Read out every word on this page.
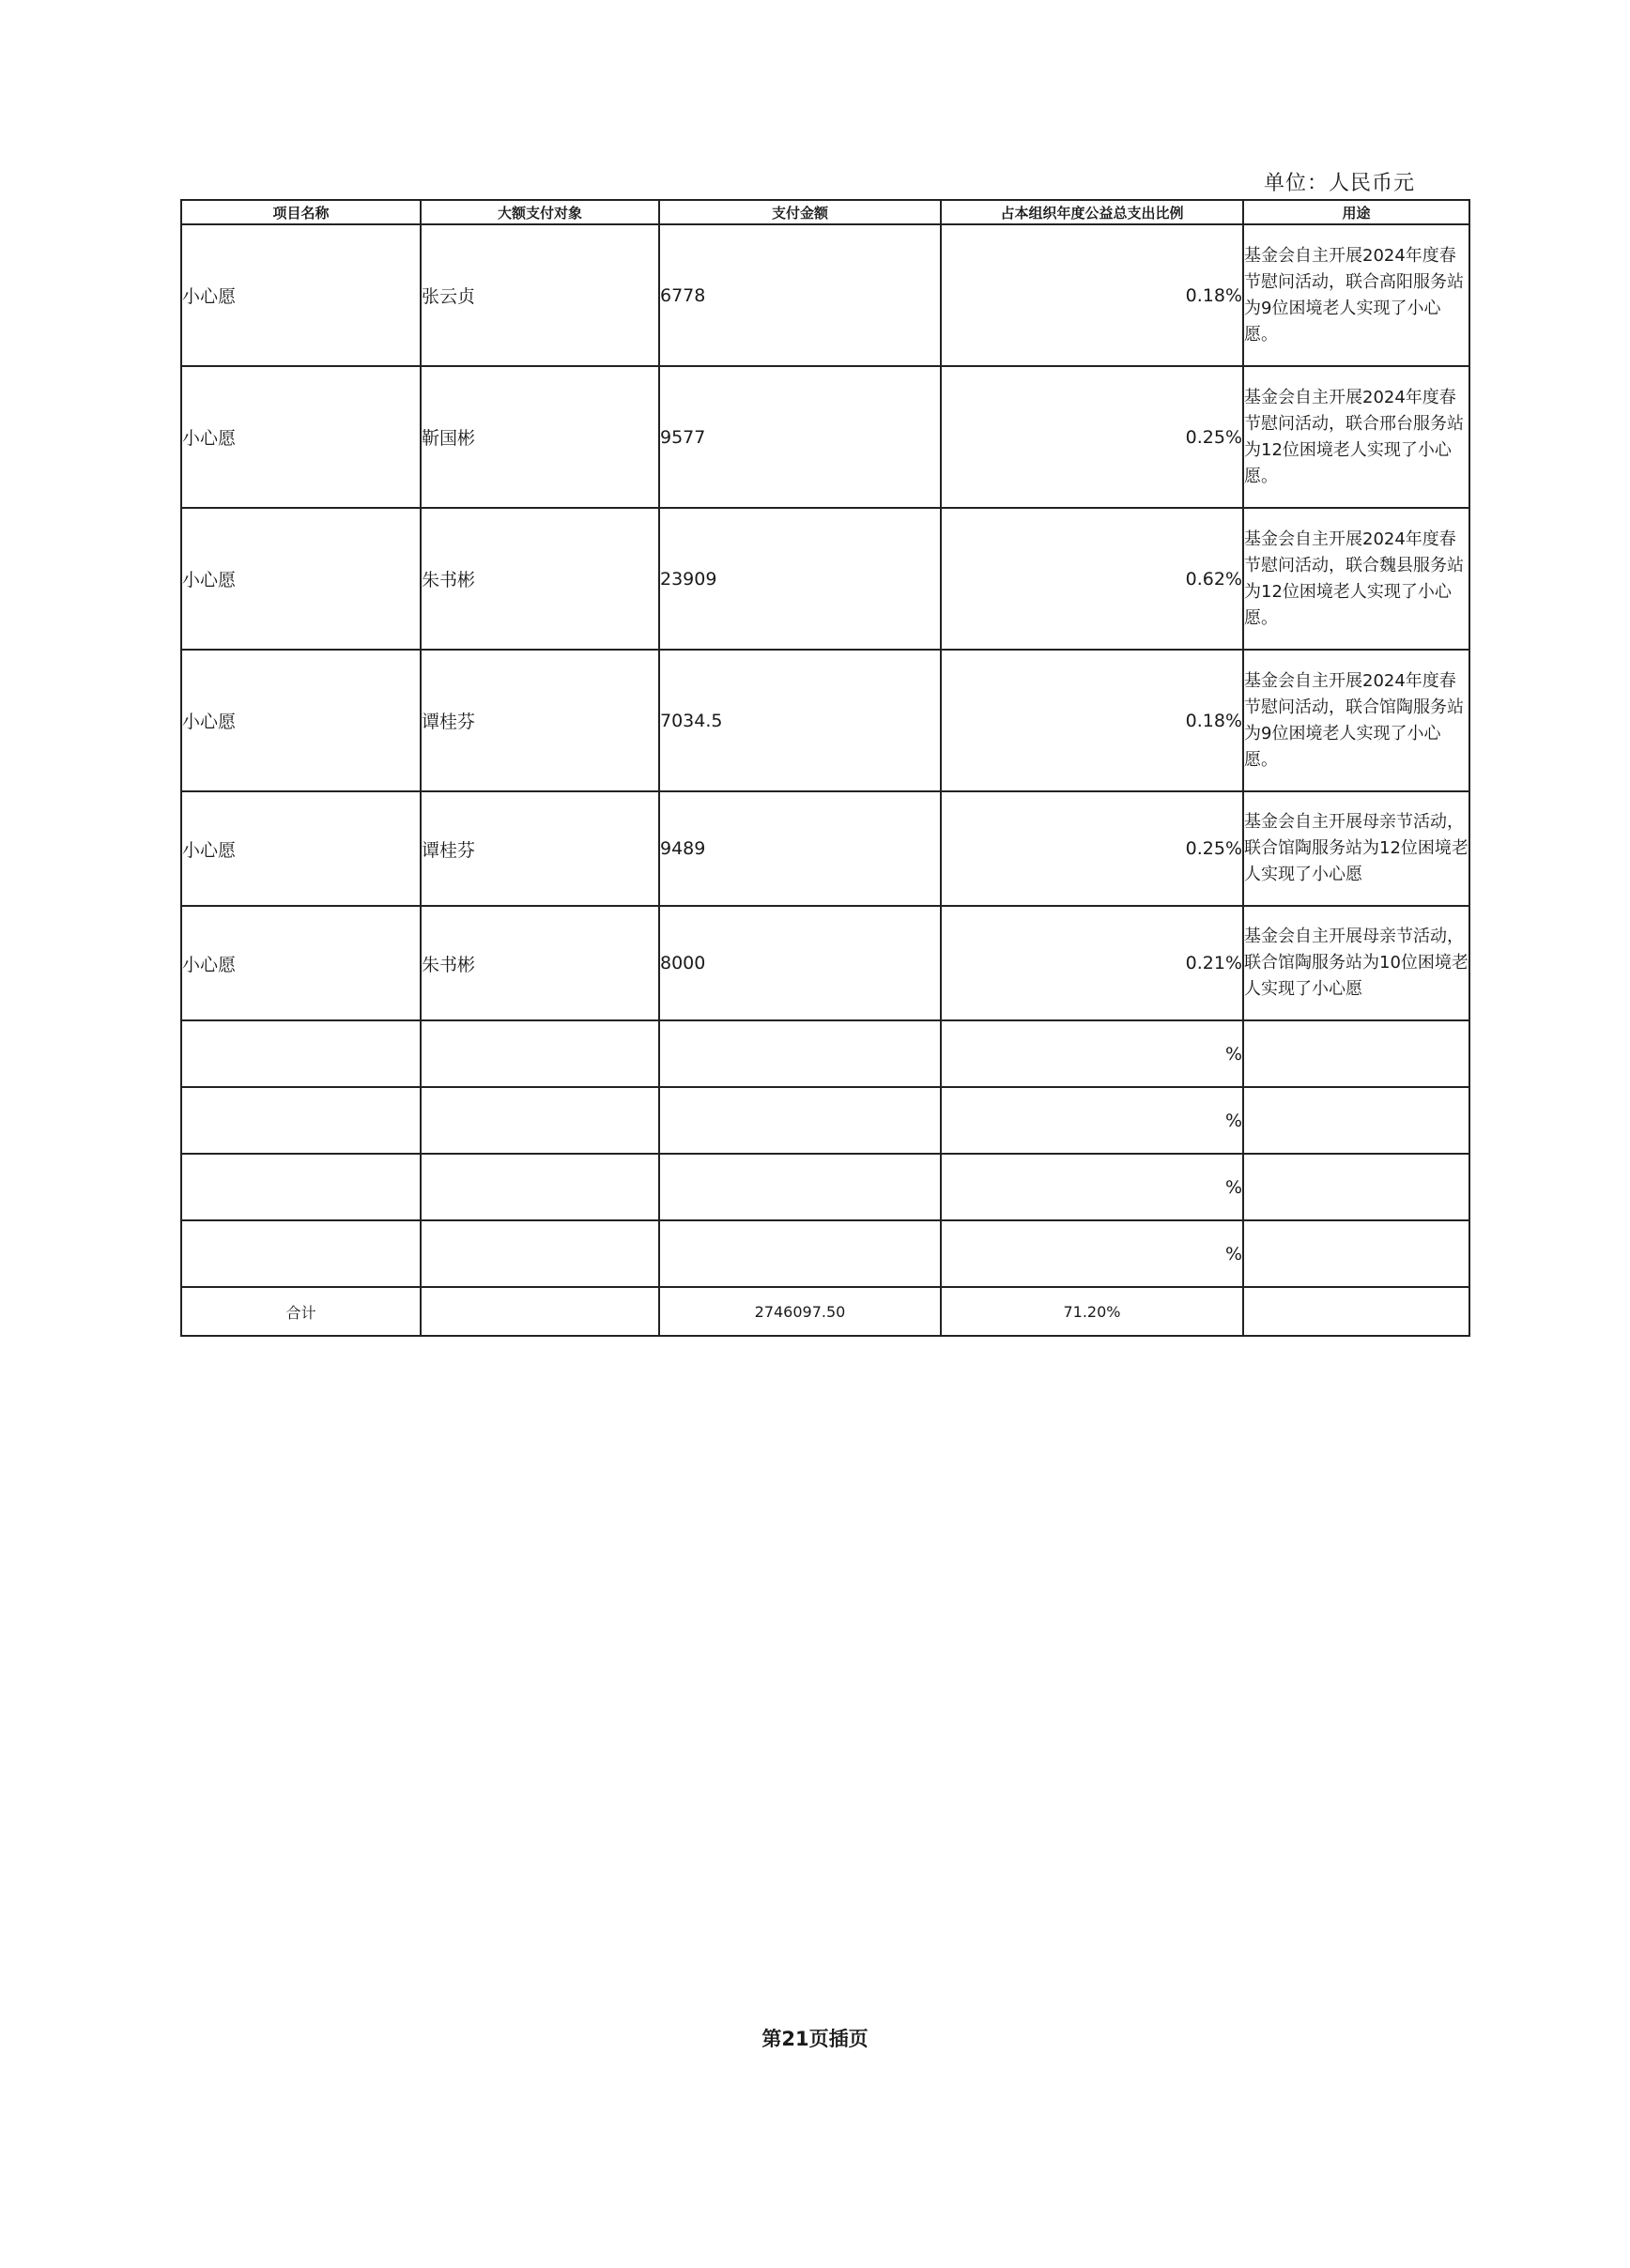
单位：人民币元
项目名称	大额支付对象	支付金额	占本组织年度公益总支出比例	用途
小心愿	张云贞	6778	0.18%	基金会自主开展2024年度春节慰问活动，联合高阳服务站为9位困境老人实现了小心愿。
小心愿	靳国彬	9577	0.25%	基金会自主开展2024年度春节慰问活动，联合邢台服务站为12位困境老人实现了小心愿。
小心愿	朱书彬	23909	0.62%	基金会自主开展2024年度春节慰问活动，联合魏县服务站为12位困境老人实现了小心愿。
小心愿	谭桂芬	7034.5	0.18%	基金会自主开展2024年度春节慰问活动，联合馆陶服务站为9位困境老人实现了小心愿。
小心愿	谭桂芬	9489	0.25%	基金会自主开展母亲节活动，联合馆陶服务站为12位困境老人实现了小心愿
小心愿	朱书彬	8000	0.21%	基金会自主开展母亲节活动，联合馆陶服务站为10位困境老人实现了小心愿
			%	
			%	
			%	
			%	
合计		2746097.50	71.20%	
第21页插页
